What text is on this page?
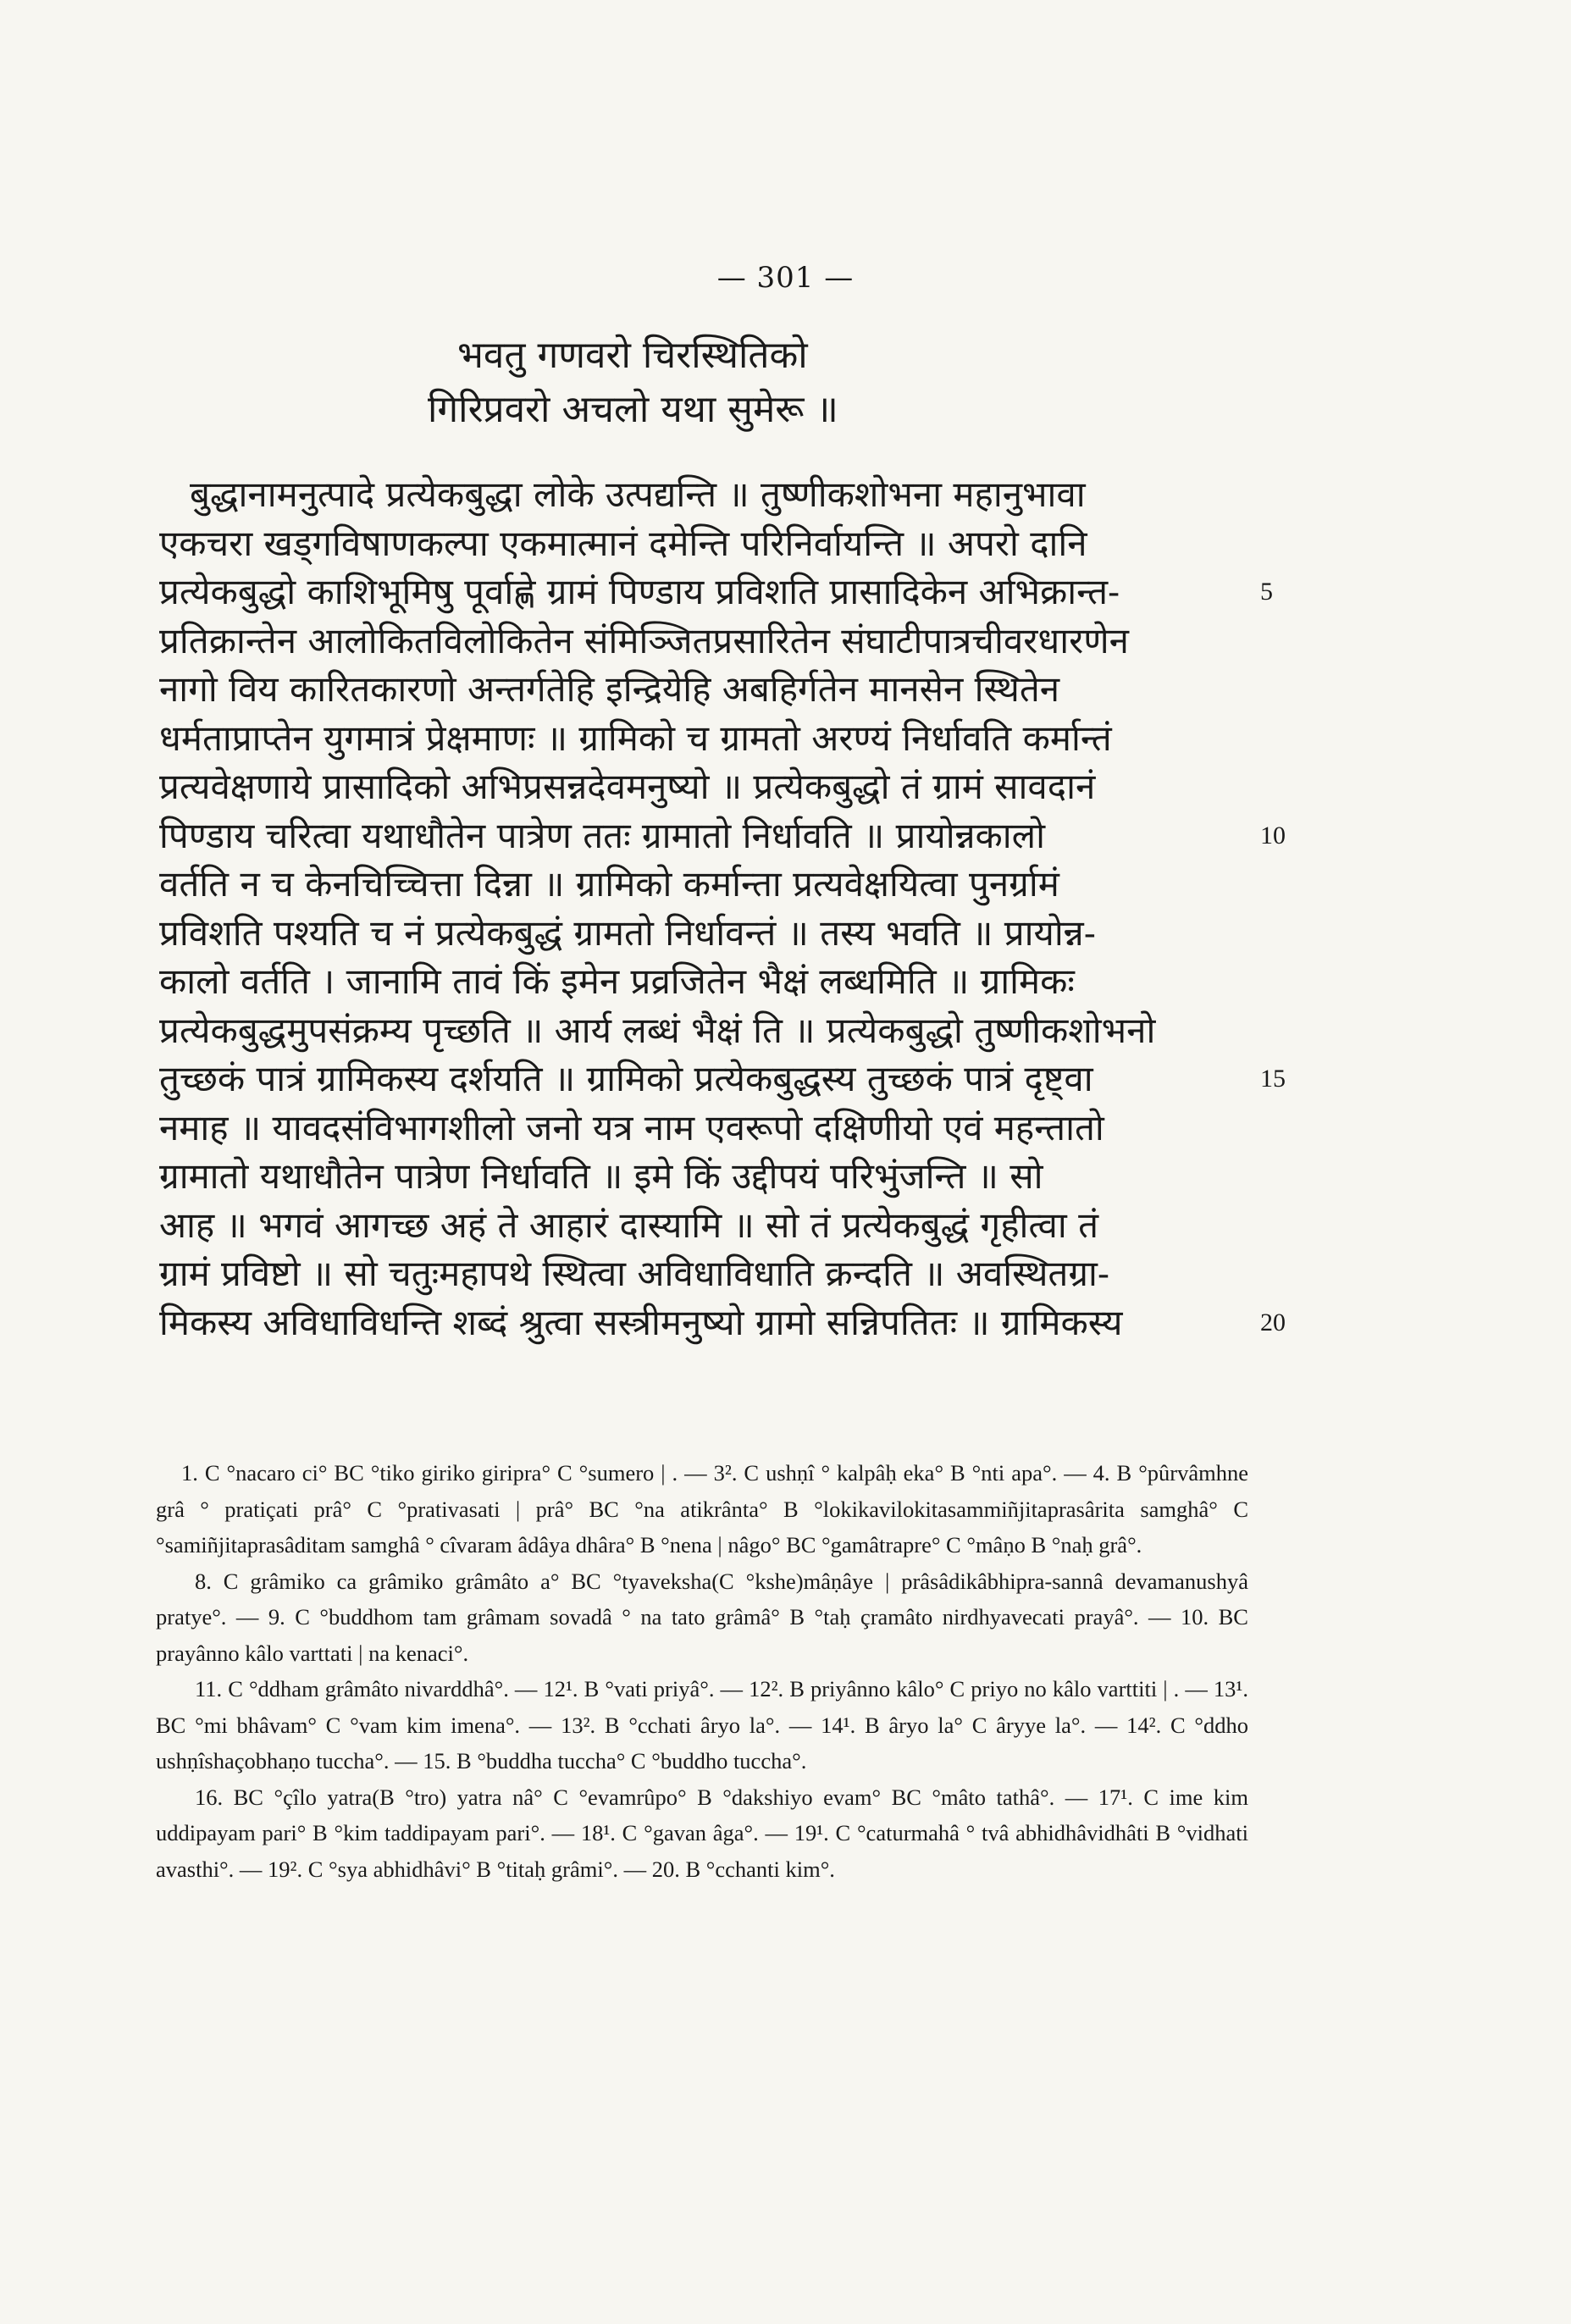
— 301 —
भवतु गणवरो चिरस्थितिको
गिरिप्रवरो अचलो यथा सुमेरू ॥
बुद्धानामनुत्पादे प्रत्येकबुद्धा लोके उत्पद्यन्ति ॥ तुष्णीकशोभना महानुभावा
एकचरा खड्गविषाणकल्पा एकमात्मानं दमेन्ति परिनिर्वायन्ति ॥ अपरो दानि
प्रत्येकबुद्धो काशिभूमिषु पूर्वाह्णे ग्रामं पिण्डाय प्रविशति प्रासादिकेन अभिक्रान्त-	5
प्रतिक्रान्तेन आलोकितविलोकितेन संमिञ्जितप्रसारितेन संघाटीपात्रचीवरधारणेन
नागो विय कारितकारणो अन्तर्गतेहि इन्द्रियेहि अबहिर्गतेन मानसेन स्थितेन
धर्मताप्राप्तेन युगमात्रं प्रेक्षमाणः ॥ ग्रामिको च ग्रामतो अरण्यं निर्धावति कर्मान्तं
प्रत्यवेक्षणाये प्रासादिको अभिप्रसन्नदेवमनुष्यो ॥ प्रत्येकबुद्धो तं ग्रामं सावदानं
पिण्डाय चरित्वा यथाधौतेन पात्रेण ततः ग्रामातो निर्धावति ॥ प्रायोन्नकालो	10
वर्तति न च केनचिच्चित्ता दिन्ना ॥ ग्रामिको कर्मान्ता प्रत्यवेक्षयित्वा पुनर्ग्रामं
प्रविशति पश्यति च नं प्रत्येकबुद्धं ग्रामतो निर्धावन्तं ॥ तस्य भवति ॥ प्रायोन्न-
कालो वर्तति । जानामि तावं किं इमेन प्रव्रजितेन भैक्षं लब्धमिति ॥ ग्रामिकः
प्रत्येकबुद्धमुपसंक्रम्य पृच्छति ॥ आर्य लब्धं भैक्षं ति ॥ प्रत्येकबुद्धो तुष्णीकशोभनो
तुच्छकं पात्रं ग्रामिकस्य दर्शयति ॥ ग्रामिको प्रत्येकबुद्धस्य तुच्छकं पात्रं दृष्ट्वा	15
नमाह ॥ यावदसंविभागशीलो जनो यत्र नाम एवरूपो दक्षिणीयो एवं महन्तातो
ग्रामातो यथाधौतेन पात्रेण निर्धावति ॥ इमे किं उद्दीपयं परिभुंजन्ति ॥ सो
आह ॥ भगवं आगच्छ अहं ते आहारं दास्यामि ॥ सो तं प्रत्येकबुद्धं गृहीत्वा तं
ग्रामं प्रविष्टो ॥ सो चतुःमहापथे स्थित्वा अविधाविधाति क्रन्दति ॥ अवस्थितग्रा-
मिकस्य अविधाविधन्ति शब्दं श्रुत्वा सस्त्रीमनुष्यो ग्रामो सन्निपतितः ॥ ग्रामिकस्य	20

1. C °nacaro ci° BC °tiko giriko giripra° C °sumero | . — 3². C ushṇî ° kalpâḥ eka° B °nti apa°. — 4. B °pûrvâmhne grâ ° pratiçati prâ° C °prativasati | prâ° BC °na atikrânta° B °lokikavilokitasammiñjitaprasârita samghâ° C °samiñjitaprasâditam samghâ ° cîvaram âdâya dhâra° B °nena | nâgo° BC °gamâtrapre° C °mâṇo B °naḥ grâ°.

8. C grâmiko ca grâmiko grâmâto a° BC °tyaveksha(C °kshe)mâṇâye | prâsâdikâbhipra-sannâ devamanushyâ pratye°. — 9. C °buddhom tam grâmam sovadâ ° na tato grâmâ° B °taḥ çramâto nirdhyavecati prayâ°. — 10. BC prayânno kâlo varttati | na kenaci°.

11. C °ddham grâmâto nivarddhâ°. — 12¹. B °vati priyâ°. — 12². B priyânno kâlo° C priyo no kâlo varttiti | . — 13¹. BC °mi bhâvam° C °vam kim imena°. — 13². B °cchati âryo la°. — 14¹. B âryo la° C âryye la°. — 14². C °ddho ushṇîshaçobhaṇo tuccha°. — 15. B °buddha tuccha° C °buddho tuccha°.

16. BC °çîlo yatra(B °tro) yatra nâ° C °evamrûpo° B °dakshiyo evam° BC °mâto tathâ°. — 17¹. C ime kim uddipayam pari° B °kim taddipayam pari°. — 18¹. C °gavan âga°. — 19¹. C °caturmahâ ° tvâ abhidhâvidhâti B °vidhati avasthi°. — 19². C °sya abhidhâvi° B °titaḥ grâmi°. — 20. B °cchanti kim°.
